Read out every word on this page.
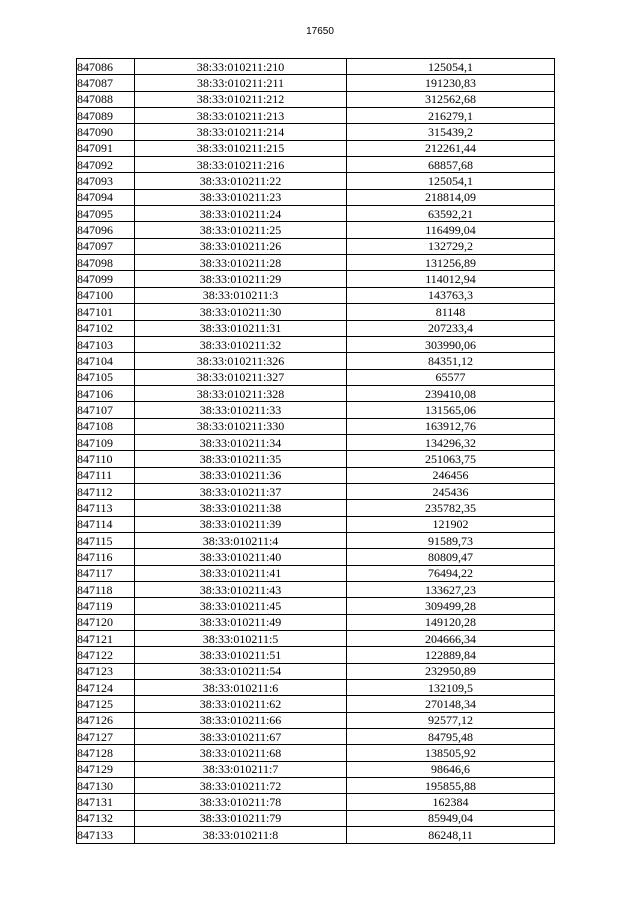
17650
847086	38:33:010211:210	125054,1
847087	38:33:010211:211	191230,83
847088	38:33:010211:212	312562,68
847089	38:33:010211:213	216279,1
847090	38:33:010211:214	315439,2
847091	38:33:010211:215	212261,44
847092	38:33:010211:216	68857,68
847093	38:33:010211:22	125054,1
847094	38:33:010211:23	218814,09
847095	38:33:010211:24	63592,21
847096	38:33:010211:25	116499,04
847097	38:33:010211:26	132729,2
847098	38:33:010211:28	131256,89
847099	38:33:010211:29	114012,94
847100	38:33:010211:3	143763,3
847101	38:33:010211:30	81148
847102	38:33:010211:31	207233,4
847103	38:33:010211:32	303990,06
847104	38:33:010211:326	84351,12
847105	38:33:010211:327	65577
847106	38:33:010211:328	239410,08
847107	38:33:010211:33	131565,06
847108	38:33:010211:330	163912,76
847109	38:33:010211:34	134296,32
847110	38:33:010211:35	251063,75
847111	38:33:010211:36	246456
847112	38:33:010211:37	245436
847113	38:33:010211:38	235782,35
847114	38:33:010211:39	121902
847115	38:33:010211:4	91589,73
847116	38:33:010211:40	80809,47
847117	38:33:010211:41	76494,22
847118	38:33:010211:43	133627,23
847119	38:33:010211:45	309499,28
847120	38:33:010211:49	149120,28
847121	38:33:010211:5	204666,34
847122	38:33:010211:51	122889,84
847123	38:33:010211:54	232950,89
847124	38:33:010211:6	132109,5
847125	38:33:010211:62	270148,34
847126	38:33:010211:66	92577,12
847127	38:33:010211:67	84795,48
847128	38:33:010211:68	138505,92
847129	38:33:010211:7	98646,6
847130	38:33:010211:72	195855,88
847131	38:33:010211:78	162384
847132	38:33:010211:79	85949,04
847133	38:33:010211:8	86248,11
